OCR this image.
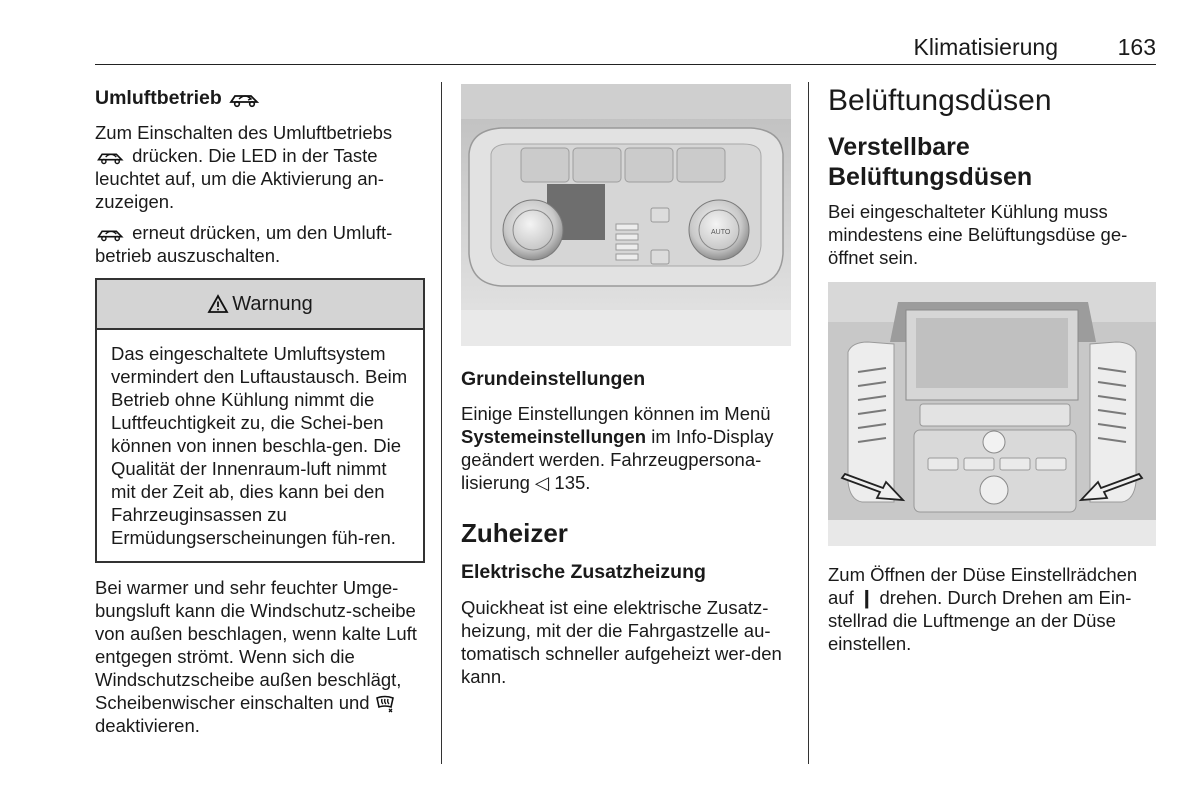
Klimatisierung	163
Umluftbetrieb

Zum Einschalten des Umluftbetriebs
drücken. Die LED in der Taste leuchtet auf, um die Aktivierung an-zuzeigen.

erneut drücken, um den Umluft-betrieb auszuschalten.

Warnung

Das eingeschaltete Umluftsystem vermindert den Luftaustausch. Beim Betrieb ohne Kühlung nimmt die Luftfeuchtigkeit zu, die Schei-ben können von innen beschla-gen. Die Qualität der Innenraum-luft nimmt mit der Zeit ab, dies kann bei den Fahrzeuginsassen zu Ermüdungserscheinungen füh-ren.

Bei warmer und sehr feuchter Umge-bungsluft kann die Windschutz-scheibe von außen beschlagen, wenn kalte Luft entgegen strömt. Wenn sich die Windschutzscheibe außen beschlägt, Scheibenwischer einschalten und  deaktivieren.

AUTO
Grundeinstellungen

Einige Einstellungen können im Menü Systemeinstellungen im Info-Display geändert werden. Fahrzeugpersona-lisierung ◁ 135.

Zuheizer
Elektrische Zusatzheizung

Quickheat ist eine elektrische Zusatz-heizung, mit der die Fahrgastzelle au-tomatisch schneller aufgeheizt wer-den kann.

Belüftungsdüsen
Verstellbare
Belüftungsdüsen

Bei eingeschalteter Kühlung muss mindestens eine Belüftungsdüse ge-öffnet sein.

Zum Öffnen der Düse Einstellrädchen auf ❙ drehen. Durch Drehen am Ein-stellrad die Luftmenge an der Düse einstellen.
